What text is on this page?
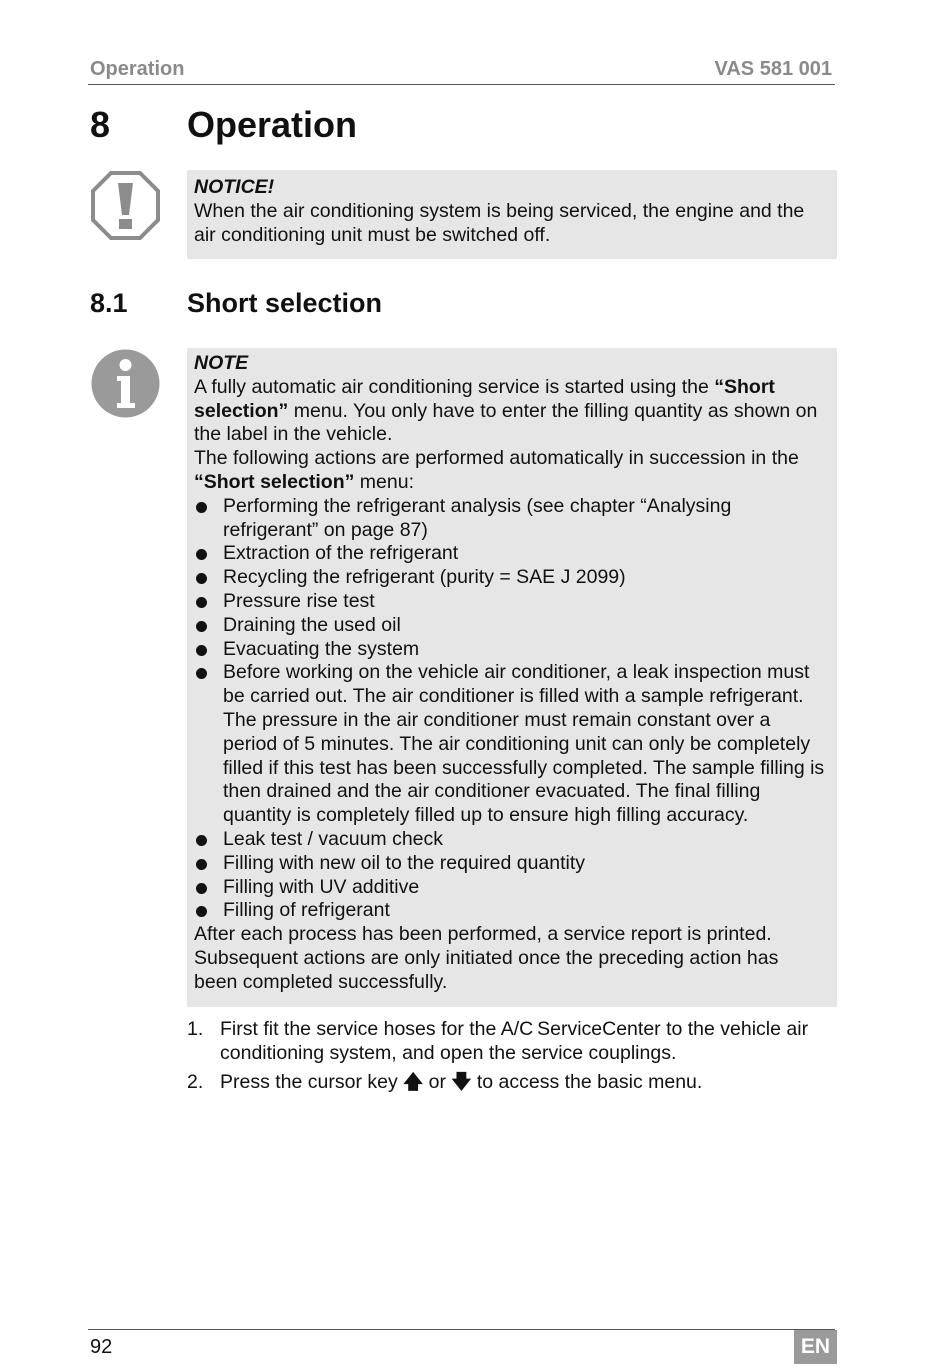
Operation	VAS 581 001
8 Operation

NOTICE!

When the air conditioning system is being serviced, the engine and the air conditioning unit must be switched off.

8.1 Short selection

NOTE

A fully automatic air conditioning service is started using the “Short selection” menu. You only have to enter the filling quantity as shown on the label in the vehicle.

The following actions are performed automatically in succession in the “Short selection” menu:

Performing the refrigerant analysis (see chapter “Analysing refrigerant” on page 87)
Extraction of the refrigerant
Recycling the refrigerant (purity = SAE J 2099)
Pressure rise test
Draining the used oil
Evacuating the system
Before working on the vehicle air conditioner, a leak inspection must be carried out. The air conditioner is filled with a sample refrigerant. The pressure in the air conditioner must remain constant over a period of 5 minutes. The air conditioning unit can only be completely filled if this test has been successfully completed. The sample filling is then drained and the air conditioner evacuated. The final filling quantity is completely filled up to ensure high filling accuracy.
Leak test / vacuum check
Filling with new oil to the required quantity
Filling with UV additive
Filling of refrigerant

After each process has been performed, a service report is printed. Subsequent actions are only initiated once the preceding action has been completed successfully.

1. First fit the service hoses for the A/C ServiceCenter to the vehicle air conditioning system, and open the service couplings.
2. Press the cursor key 🡅 or 🡇 to access the basic menu.
92	EN
